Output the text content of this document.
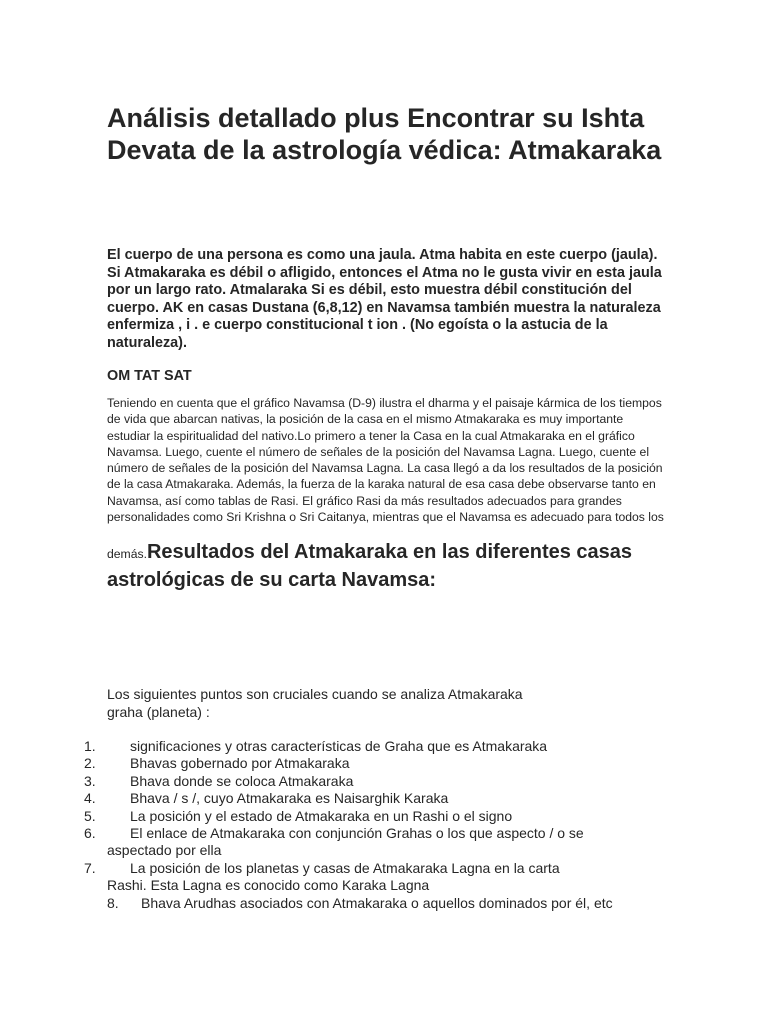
Análisis detallado plus Encontrar su Ishta Devata de la astrología védica: Atmakaraka

El cuerpo de una persona es como una jaula. Atma habita en este cuerpo (jaula). Si Atmakaraka es débil o afligido, entonces el Atma no le gusta vivir en esta jaula por un largo rato. Atmalaraka Si es débil, esto muestra débil constitución del cuerpo. AK en casas Dustana (6,8,12) en Navamsa también muestra la naturaleza enfermiza , i . e cuerpo constitucional t ion . (No egoísta o la astucia de la naturaleza).

OM TAT SAT

Teniendo en cuenta que el gráfico Navamsa (D-9) ilustra el dharma y el paisaje kármica de los tiempos de vida que abarcan nativas, la posición de la casa en el mismo Atmakaraka es muy importante estudiar la espiritualidad del nativo.Lo primero a tener la Casa en la cual Atmakaraka en el gráfico Navamsa. Luego, cuente el número de señales de la posición del Navamsa Lagna. Luego, cuente el número de señales de la posición del Navamsa Lagna. La casa llegó a da los resultados de la posición de la casa Atmakaraka. Además, la fuerza de la karaka natural de esa casa debe observarse tanto en Navamsa, así como tablas de Rasi. El gráfico Rasi da más resultados adecuados para grandes personalidades como Sri Krishna o Sri Caitanya, mientras que el Navamsa es adecuado para todos los

demás.Resultados del Atmakaraka en las diferentes casas astrológicas de su carta Navamsa:

Los siguientes puntos son cruciales cuando se analiza Atmakaraka
graha (planeta) :

1. significaciones y otras características de Graha que es Atmakaraka
2. Bhavas gobernado por Atmakaraka
3. Bhava donde se coloca Atmakaraka
4. Bhava / s /, cuyo Atmakaraka es Naisarghik Karaka
5. La posición y el estado de Atmakaraka en un Rashi o el signo
6. El enlace de Atmakaraka con conjunción Grahas o los que aspecto / o se
aspectado por ella
7. La posición de los planetas y casas de Atmakaraka Lagna en la carta
Rashi. Esta Lagna es conocido como Karaka Lagna
8. Bhava Arudhas asociados con Atmakaraka o aquellos dominados por él, etc
